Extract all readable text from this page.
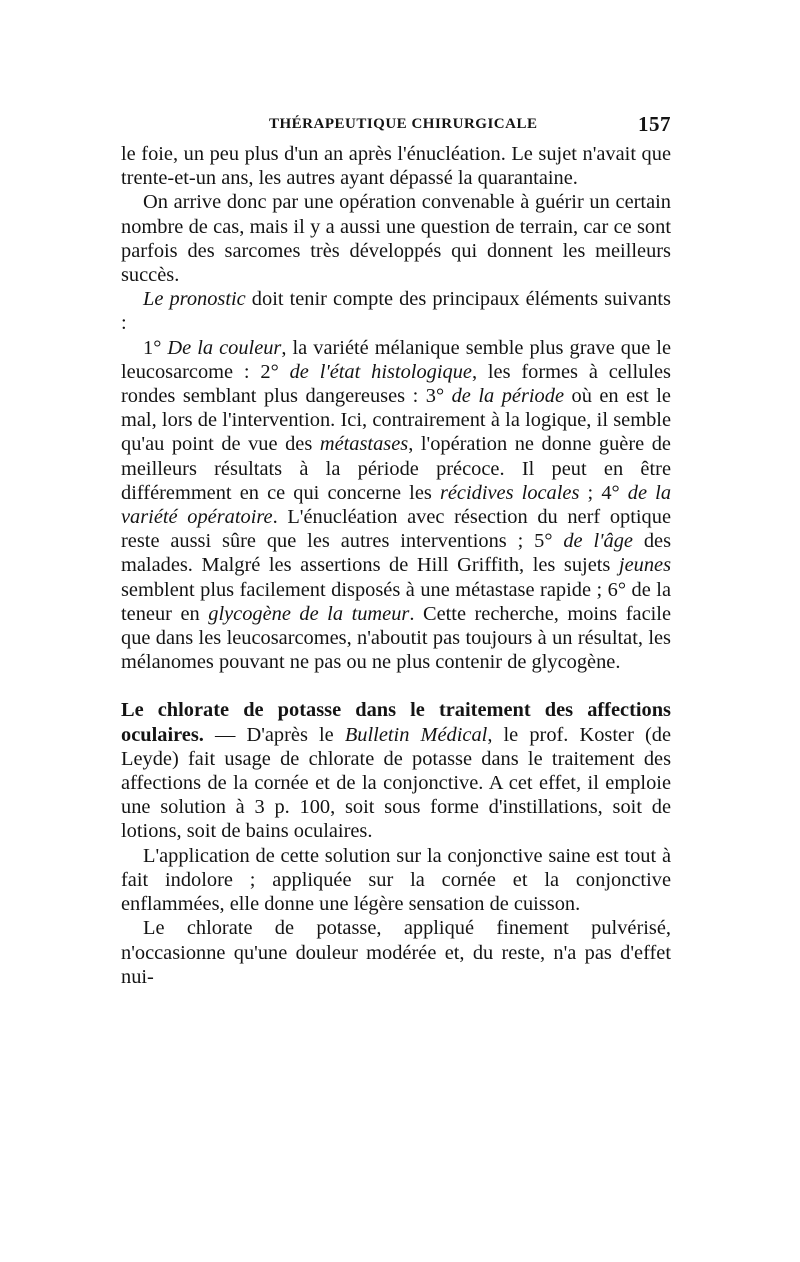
THÉRAPEUTIQUE CHIRURGICALE	157

le foie, un peu plus d'un an après l'énucléation. Le sujet n'avait que trente-et-un ans, les autres ayant dépassé la quarantaine.

On arrive donc par une opération convenable à guérir un certain nombre de cas, mais il y a aussi une question de terrain, car ce sont parfois des sarcomes très développés qui donnent les meilleurs succès.

Le pronostic doit tenir compte des principaux éléments suivants :

1° De la couleur, la variété mélanique semble plus grave que le leucosarcome : 2° de l'état histologique, les formes à cellules rondes semblant plus dangereuses : 3° de la période où en est le mal, lors de l'intervention. Ici, contrairement à la logique, il semble qu'au point de vue des métastases, l'opération ne donne guère de meilleurs résultats à la période précoce. Il peut en être différemment en ce qui concerne les récidives locales ; 4° de la variété opératoire. L'énucléation avec résection du nerf optique reste aussi sûre que les autres interventions ; 5° de l'âge des malades. Malgré les assertions de Hill Griffith, les sujets jeunes semblent plus facilement disposés à une métastase rapide ; 6° de la teneur en glycogène de la tumeur. Cette recherche, moins facile que dans les leucosarcomes, n'aboutit pas toujours à un résultat, les mélanomes pouvant ne pas ou ne plus contenir de glycogène.

Le chlorate de potasse dans le traitement des affections oculaires. — D'après le Bulletin Médical, le prof. Koster (de Leyde) fait usage de chlorate de potasse dans le traitement des affections de la cornée et de la conjonctive. A cet effet, il emploie une solution à 3 p. 100, soit sous forme d'instillations, soit de lotions, soit de bains oculaires.

L'application de cette solution sur la conjonctive saine est tout à fait indolore ; appliquée sur la cornée et la conjonctive enflammées, elle donne une légère sensation de cuisson.

Le chlorate de potasse, appliqué finement pulvérisé, n'occasionne qu'une douleur modérée et, du reste, n'a pas d'effet nui-
